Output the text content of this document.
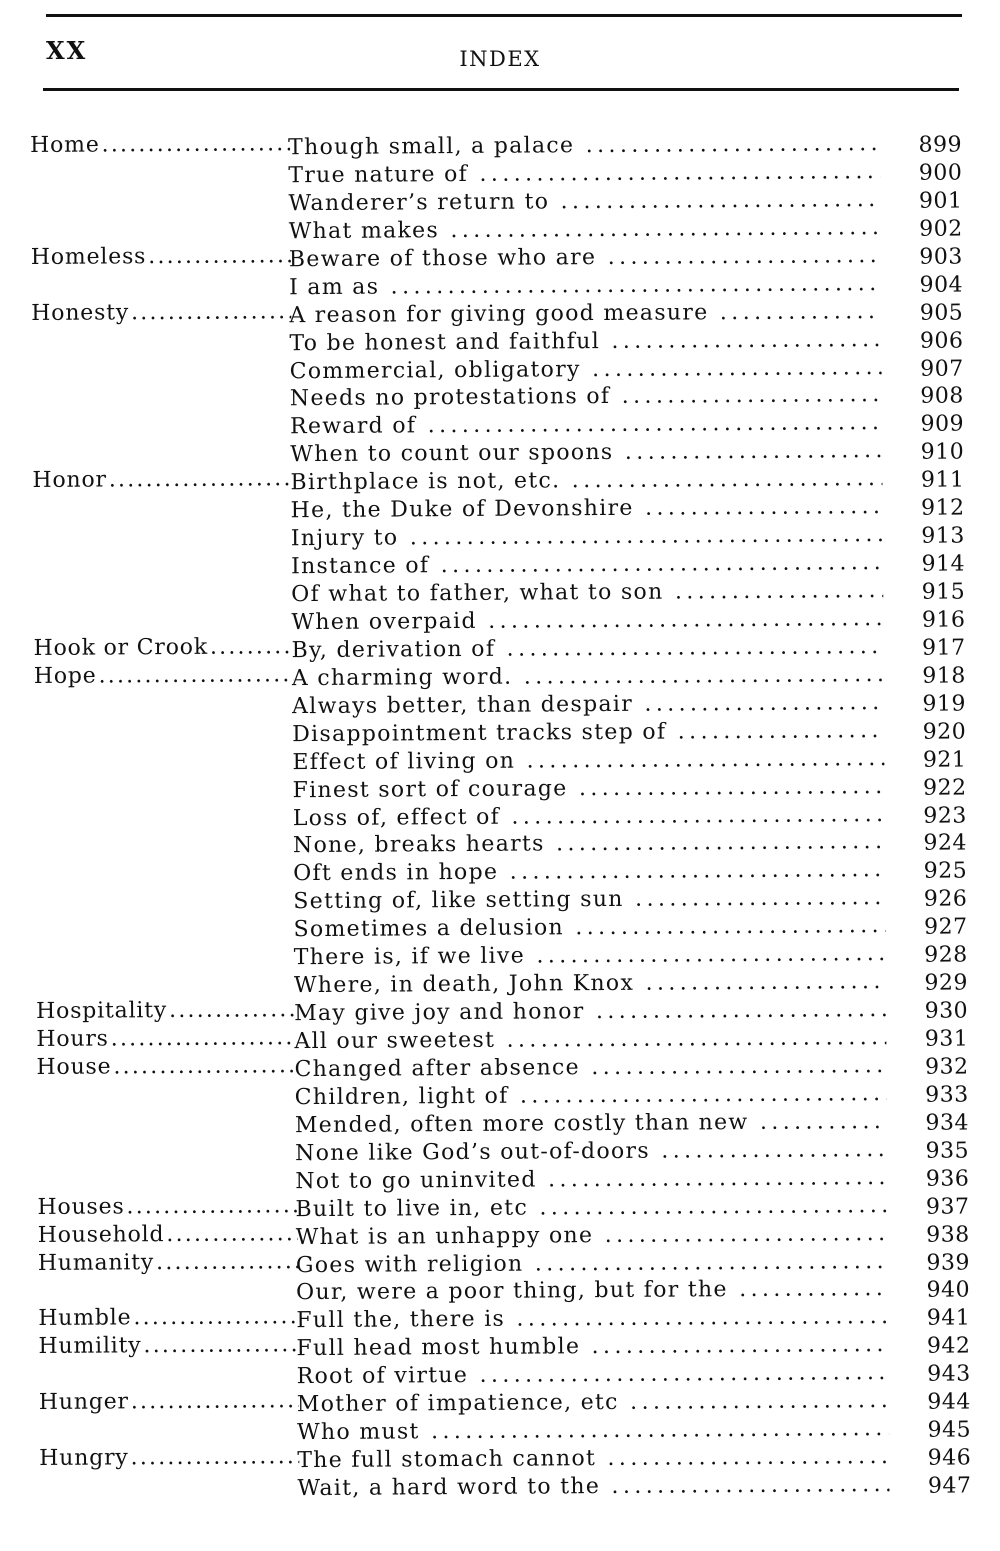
XX	INDEX
Home .....	Though small, a palace .....	899
True nature of .....	900
Wanderer’s return to .....	901
What makes .....	902
Homeless .....	Beware of those who are .....	903
I am as .....	904
Honesty .....	A reason for giving good measure .....	905
To be honest and faithful .....	906
Commercial, obligatory .....	907
Needs no protestations of .....	908
Reward of .....	909
When to count our spoons .....	910
Honor .....	Birthplace is not, etc. .....	911
He, the Duke of Devonshire .....	912
Injury to .....	913
Instance of .....	914
Of what to father, what to son .....	915
When overpaid .....	916
Hook or Crook .....	By, derivation of .....	917
Hope .....	A charming word. .....	918
Always better, than despair .....	919
Disappointment tracks step of .....	920
Effect of living on .....	921
Finest sort of courage .....	922
Loss of, effect of .....	923
None, breaks hearts .....	924
Oft ends in hope .....	925
Setting of, like setting sun .....	926
Sometimes a delusion .....	927
There is, if we live .....	928
Where, in death, John Knox .....	929
Hospitality .....	May give joy and honor .....	930
Hours .....	All our sweetest .....	931
House .....	Changed after absence .....	932
Children, light of .....	933
Mended, often more costly than new .....	934
None like God’s out-of-doors .....	935
Not to go uninvited .....	936
Houses .....	Built to live in, etc .....	937
Household .....	What is an unhappy one .....	938
Humanity .....	Goes with religion .....	939
Our, were a poor thing, but for the .....	940
Humble .....	Full the, there is .....	941
Humility .....	Full head most humble .....	942
Root of virtue .....	943
Hunger .....	Mother of impatience, etc .....	944
Who must .....	945
Hungry .....	The full stomach cannot .....	946
Wait, a hard word to the .....	947
